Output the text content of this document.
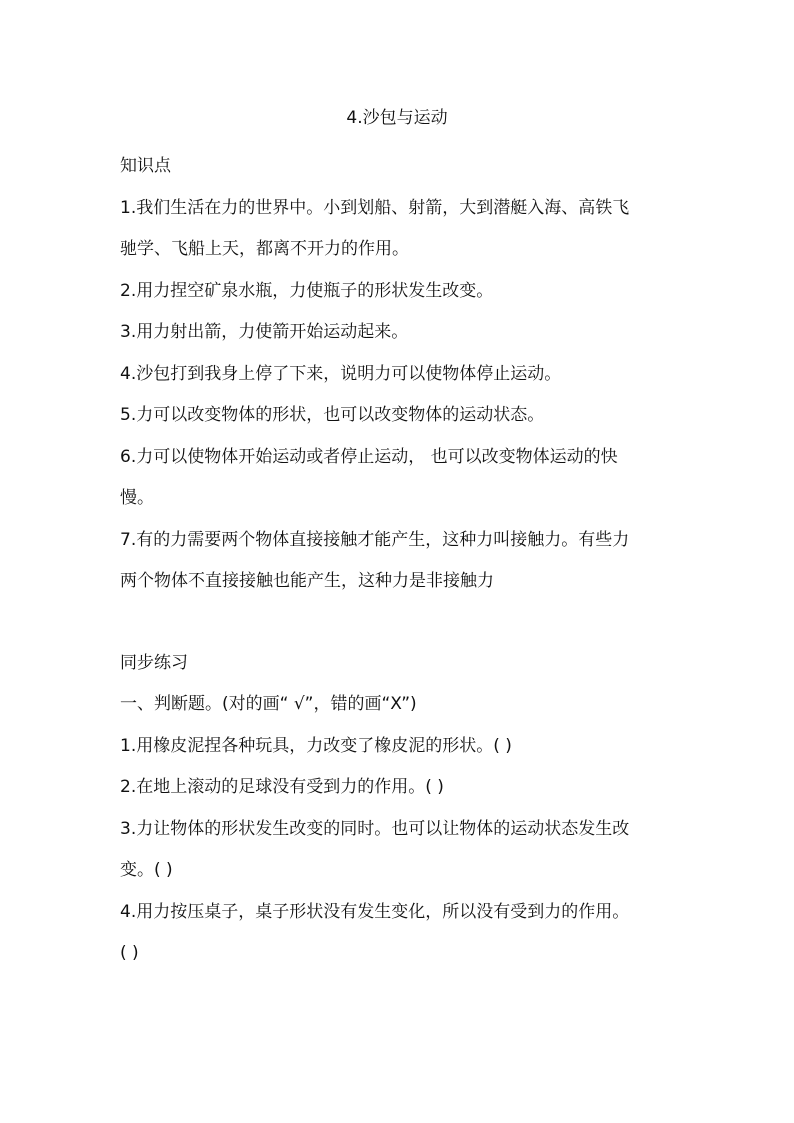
4.沙包与运动

知识点

1.我们生活在力的世界中。小到划船、射箭，大到潜艇入海、高铁飞

驰学、飞船上天，都离不开力的作用。

2.用力捏空矿泉水瓶，力使瓶子的形状发生改变。

3.用力射出箭，力使箭开始运动起来。

4.沙包打到我身上停了下来，说明力可以使物体停止运动。

5.力可以改变物体的形状，也可以改变物体的运动状态。

6.力可以使物体开始运动或者停止运动， 也可以改变物体运动的快

慢。

7.有的力需要两个物体直接接触才能产生，这种力叫接触力。有些力

两个物体不直接接触也能产生，这种力是非接触力

同步练习

一、判断题。(对的画“ √”，错的画“X”)

1.用橡皮泥捏各种玩具，力改变了橡皮泥的形状。( )

2.在地上滚动的足球没有受到力的作用。( )

3.力让物体的形状发生改变的同时。也可以让物体的运动状态发生改

变。( )

4.用力按压桌子，桌子形状没有发生变化，所以没有受到力的作用。

( )
